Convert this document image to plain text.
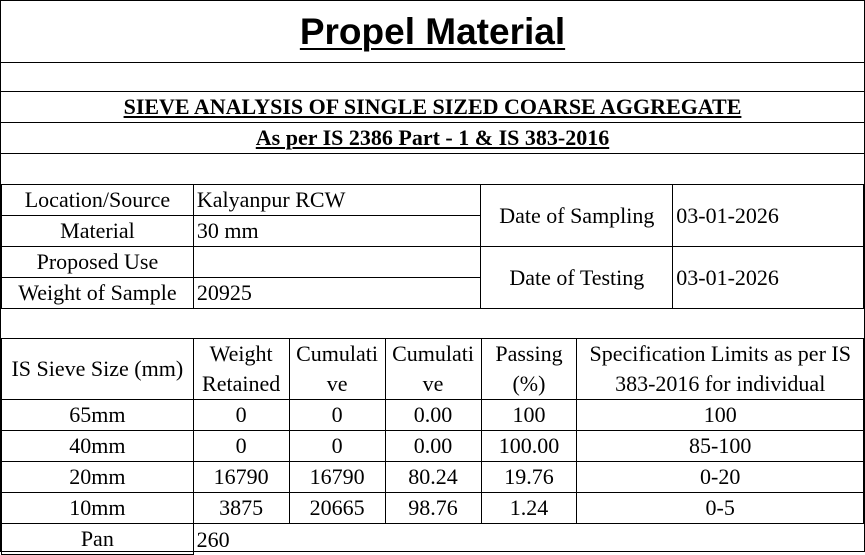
Propel Material
SIEVE ANALYSIS OF SINGLE SIZED COARSE AGGREGATE
As per IS 2386 Part - 1 & IS 383-2016
Location/Source	Kalyanpur RCW	Date of Sampling	03-01-2026
Material	30 mm		
Proposed Use		Date of Testing	03-01-2026
Weight of Sample	20925		
IS Sieve Size (mm)	Weight Retained	Cumulati ve	Cumulati ve	Passing (%)	Specification Limits as per IS 383-2016 for individual
65mm	0	0	0.00	100	100
40mm	0	0	0.00	100.00	85-100
20mm	16790	16790	80.24	19.76	0-20
10mm	3875	20665	98.76	1.24	0-5
Pan	260				
